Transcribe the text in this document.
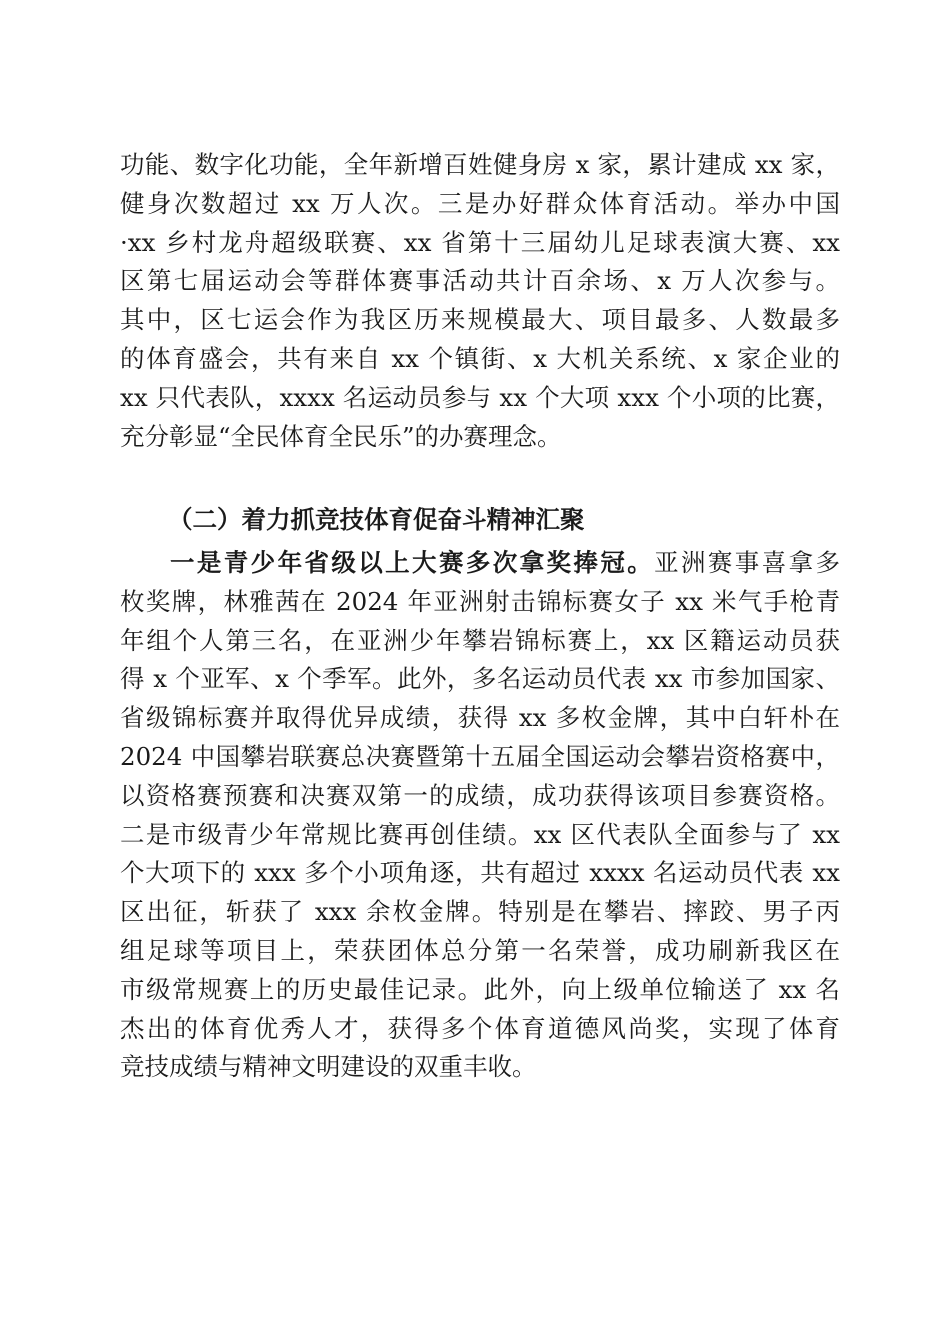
功能、数字化功能，全年新增百姓健身房 x 家，累计建成 xx 家，
健身次数超过 xx 万人次。三是办好群众体育活动。举办中国
·xx 乡村龙舟超级联赛、xx 省第十三届幼儿足球表演大赛、xx
区第七届运动会等群体赛事活动共计百余场、x 万人次参与。
其中，区七运会作为我区历来规模最大、项目最多、人数最多
的体育盛会，共有来自 xx 个镇街、x 大机关系统、x 家企业的
xx 只代表队，xxxx 名运动员参与 xx 个大项 xxx 个小项的比赛，
充分彰显“全民体育全民乐”的办赛理念。
（二）着力抓竞技体育促奋斗精神汇聚
一是青少年省级以上大赛多次拿奖捧冠。亚洲赛事喜拿多
枚奖牌，林雅茜在 2024 年亚洲射击锦标赛女子 xx 米气手枪青
年组个人第三名，在亚洲少年攀岩锦标赛上，xx 区籍运动员获
得 x 个亚军、x 个季军。此外，多名运动员代表 xx 市参加国家、
省级锦标赛并取得优异成绩，获得 xx 多枚金牌，其中白轩朴在
2024 中国攀岩联赛总决赛暨第十五届全国运动会攀岩资格赛中，
以资格赛预赛和决赛双第一的成绩，成功获得该项目参赛资格。
二是市级青少年常规比赛再创佳绩。xx 区代表队全面参与了 xx
个大项下的 xxx 多个小项角逐，共有超过 xxxx 名运动员代表 xx
区出征，斩获了 xxx 余枚金牌。特别是在攀岩、摔跤、男子丙
组足球等项目上，荣获团体总分第一名荣誉，成功刷新我区在
市级常规赛上的历史最佳记录。此外，向上级单位输送了 xx 名
杰出的体育优秀人才，获得多个体育道德风尚奖，实现了体育
竞技成绩与精神文明建设的双重丰收。
